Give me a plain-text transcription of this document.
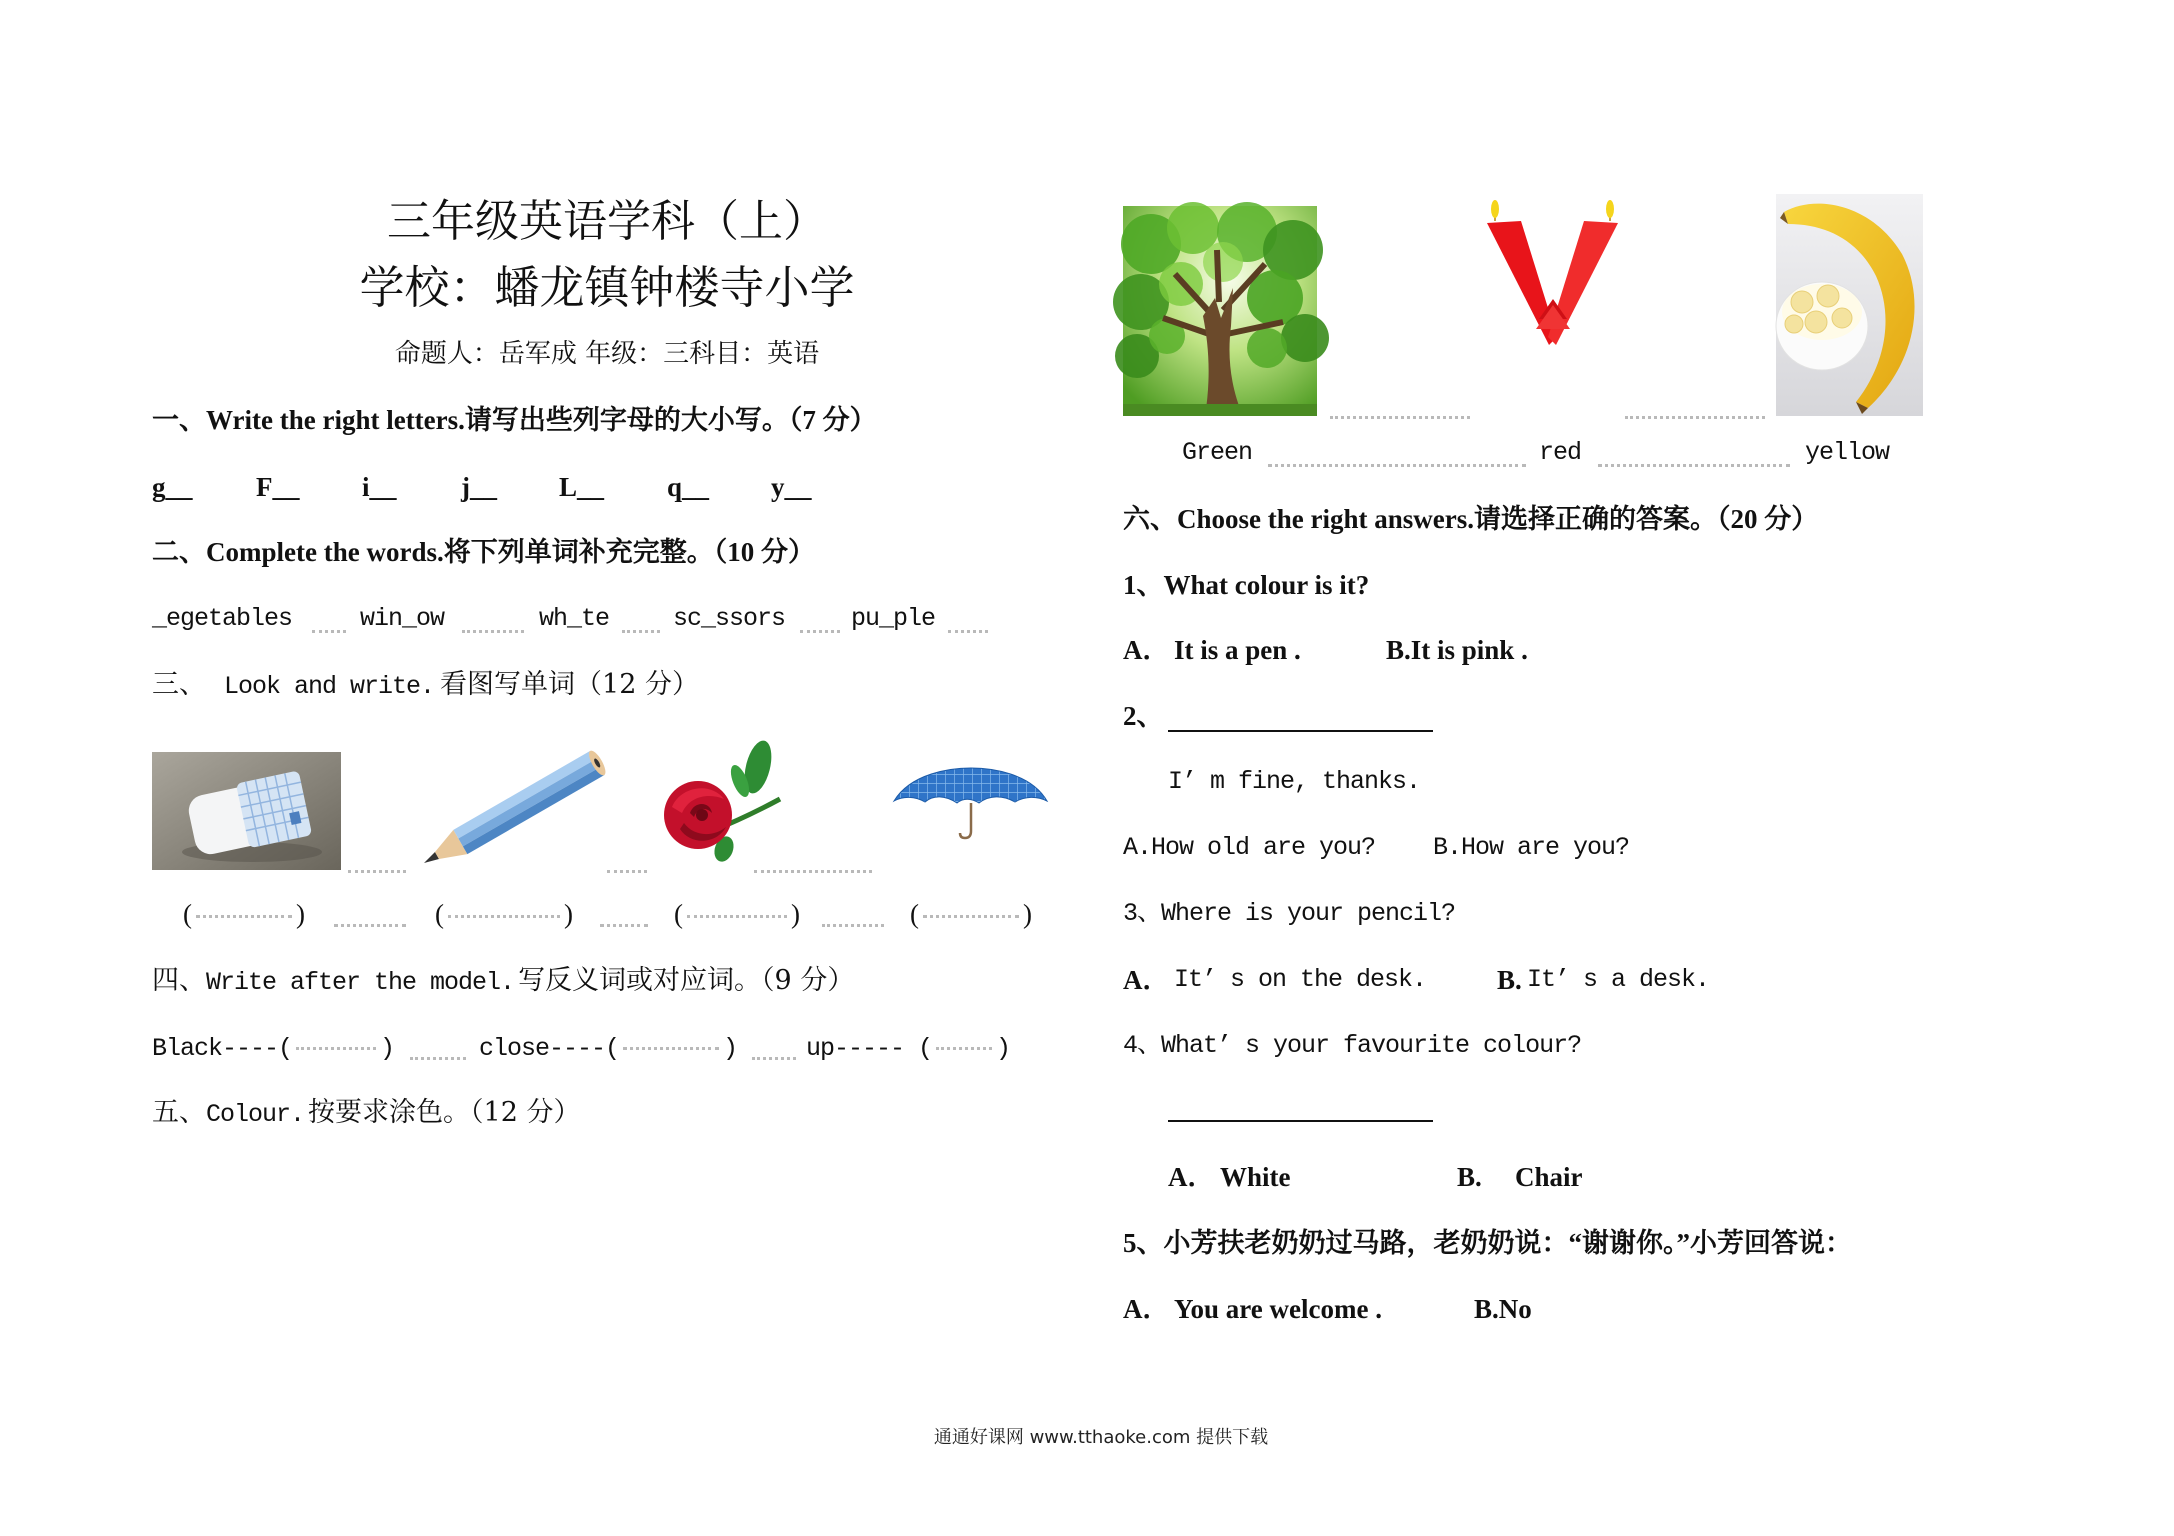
三年级英语学科（上）
学校：蟠龙镇钟楼寺小学
命题人：岳军成 年级：三科目：英语
一、Write the right letters.请写出些列字母的大小写。（7 分）
g__ F__ i__ j__ L__ q__ y__
二、Complete the words.将下列单词补充完整。（10 分）
_egetables	win_ow	wh_te	sc_ssors	pu_ple
三、 Look and write. 看图写单词（12 分）
(	)	(	)	(	)	(	)
四、Write after the model. 写反义词或对应词。（9 分）
Black----(	)	close----(	)	up----- (	)
五、Colour. 按要求涂色。（12 分）
Green	red	yellow
六、Choose the right answers.请选择正确的答案。（20 分）
1、What colour is it?
A． It is a pen .	B.It is pink .
2、
I’ m fine, thanks.
A.How old are you? B.How are you?
3、Where is your pencil?
A． It’ s on the desk.	B. It’ s a desk.
4、What’ s your favourite colour?
A． White	B. Chair
5、小芳扶老奶奶过马路，老奶奶说：“谢谢你。”小芳回答说：
A． You are welcome .	B.No
通通好课网 www.tthaoke.com 提供下载
